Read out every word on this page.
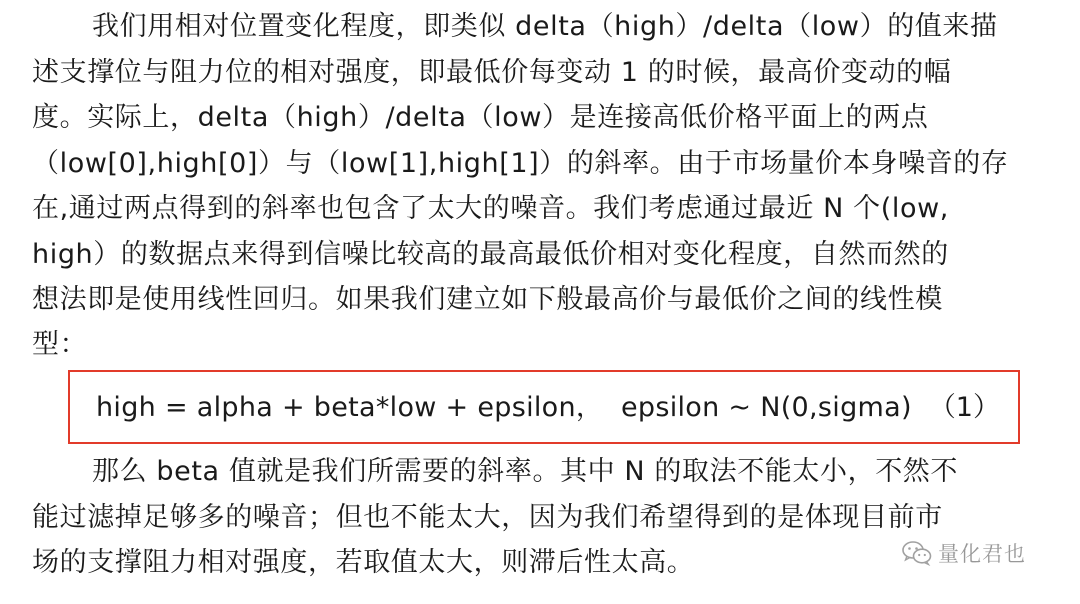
我们用相对位置变化程度，即类似 delta（high）/delta（low）的值来描
述支撑位与阻力位的相对强度，即最低价每变动 1 的时候，最高价变动的幅
度。实际上，delta（high）/delta（low）是连接高低价格平面上的两点
（low[0],high[0]）与（low[1],high[1]）的斜率。由于市场量价本身噪音的存
在,通过两点得到的斜率也包含了太大的噪音。我们考虑通过最近 N 个(low,
high）的数据点来得到信噪比较高的最高最低价相对变化程度，自然而然的
想法即是使用线性回归。如果我们建立如下般最高价与最低价之间的线性模
型：
high = alpha + beta*low + epsilon，  epsilon ~ N(0,sigma) （1）
那么 beta 值就是我们所需要的斜率。其中 N 的取法不能太小，不然不
能过滤掉足够多的噪音；但也不能太大，因为我们希望得到的是体现目前市
场的支撑阻力相对强度，若取值太大，则滞后性太高。	量化君也
